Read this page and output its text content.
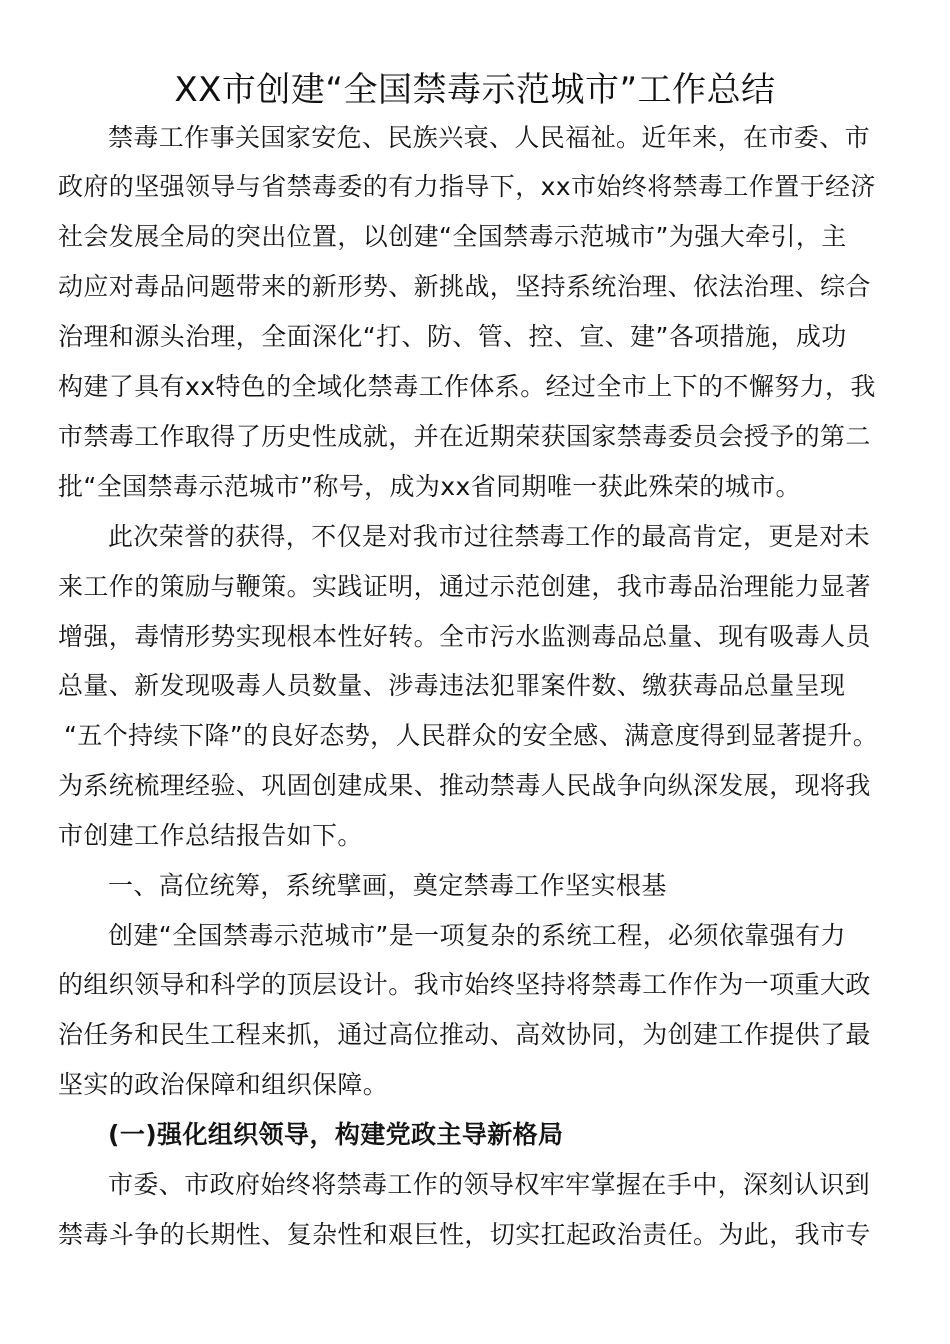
XX市创建“全国禁毒示范城市”工作总结
禁毒工作事关国家安危、民族兴衰、人民福祉。近年来，在市委、市
政府的坚强领导与省禁毒委的有力指导下，xx市始终将禁毒工作置于经济
社会发展全局的突出位置，以创建“全国禁毒示范城市”为强大牵引，主
动应对毒品问题带来的新形势、新挑战，坚持系统治理、依法治理、综合
治理和源头治理，全面深化“打、防、管、控、宣、建”各项措施，成功
构建了具有xx特色的全域化禁毒工作体系。经过全市上下的不懈努力，我
市禁毒工作取得了历史性成就，并在近期荣获国家禁毒委员会授予的第二
批“全国禁毒示范城市”称号，成为xx省同期唯一获此殊荣的城市。
此次荣誉的获得，不仅是对我市过往禁毒工作的最高肯定，更是对未
来工作的策励与鞭策。实践证明，通过示范创建，我市毒品治理能力显著
增强，毒情形势实现根本性好转。全市污水监测毒品总量、现有吸毒人员
总量、新发现吸毒人员数量、涉毒违法犯罪案件数、缴获毒品总量呈现
“五个持续下降”的良好态势，人民群众的安全感、满意度得到显著提升。
为系统梳理经验、巩固创建成果、推动禁毒人民战争向纵深发展，现将我
市创建工作总结报告如下。
一、高位统筹，系统擘画，奠定禁毒工作坚实根基
创建“全国禁毒示范城市”是一项复杂的系统工程，必须依靠强有力
的组织领导和科学的顶层设计。我市始终坚持将禁毒工作作为一项重大政
治任务和民生工程来抓，通过高位推动、高效协同，为创建工作提供了最
坚实的政治保障和组织保障。
(一)强化组织领导，构建党政主导新格局
市委、市政府始终将禁毒工作的领导权牢牢掌握在手中，深刻认识到
禁毒斗争的长期性、复杂性和艰巨性，切实扛起政治责任。为此，我市专
